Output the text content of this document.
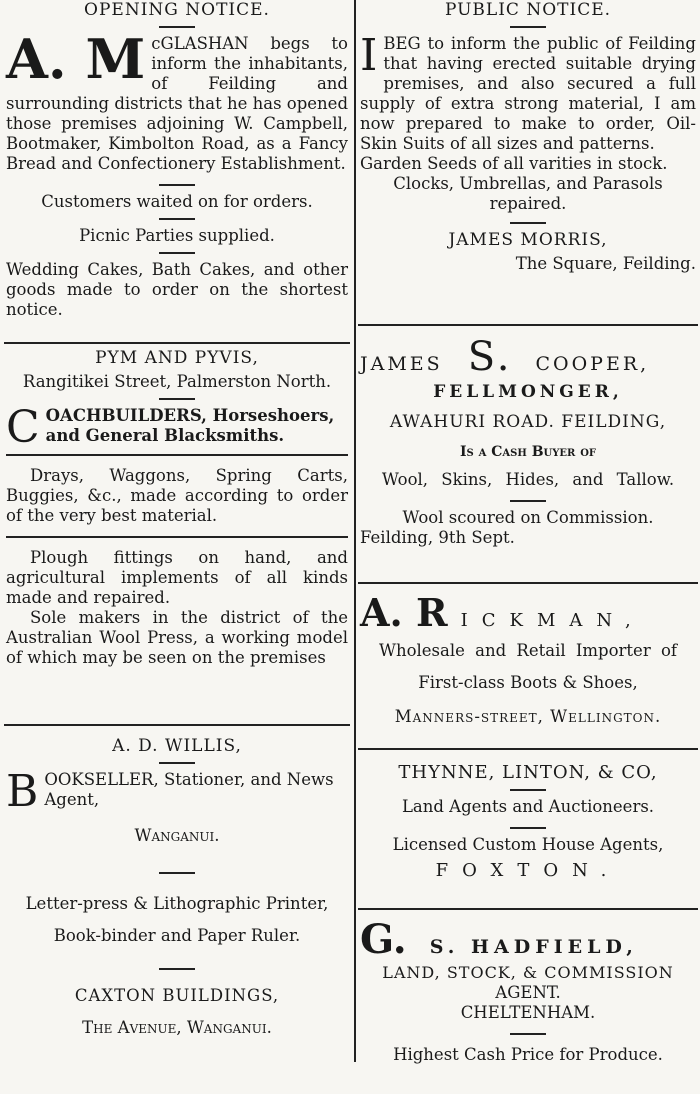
OPENING NOTICE.

A. M cGLASHAN begs to inform the inhabitants, of Feilding and surrounding districts that he has opened those premises adjoining W. Campbell, Bootmaker, Kimbolton Road, as a Fancy Bread and Confectionery Establishment.

Customers waited on for orders.

Picnic Parties supplied.

Wedding Cakes, Bath Cakes, and other goods made to order on the shortest notice.

PYM AND PYVIS,

Rangitikei Street, Palmerston North.

COACHBUILDERS, Horseshoers, and General Blacksmiths.

Drays, Waggons, Spring Carts, Buggies, &c., made according to order of the very best material.

Plough fittings on hand, and agricultural implements of all kinds made and repaired.

Sole makers in the district of the Australian Wool Press, a working model of which may be seen on the premises

A. D. WILLIS,

BOOKSELLER, Stationer, and News Agent,

Wanganui.

Letter-press & Lithographic Printer,

Book-binder and Paper Ruler.

CAXTON BUILDINGS,

The Avenue, Wanganui.

PUBLIC NOTICE.

IBEG to inform the public of Feilding that having erected suitable drying premises, and also secured a full supply of extra strong material, I am now prepared to make to order, Oil-Skin Suits of all sizes and patterns.

Garden Seeds of all varities in stock.

Clocks, Umbrellas, and Parasols repaired.

JAMES MORRIS,

The Square, Feilding.

JAMES S. COOPER,
FELLMONGER,
AWAHURI ROAD. FEILDING,

Is a Cash Buyer of

Wool, Skins, Hides, and Tallow.

Wool scoured on Commission.

Feilding, 9th Sept.

A. R ICKMAN,

Wholesale and Retail Importer of

First-class Boots & Shoes,

Manners-street, Wellington.

THYNNE, LINTON, & CO,

Land Agents and Auctioneers.

Licensed Custom House Agents,

FOXTON.

G. S. HADFIELD,

LAND, STOCK, & COMMISSION

AGENT.

CHELTENHAM.

Highest Cash Price for Produce.
